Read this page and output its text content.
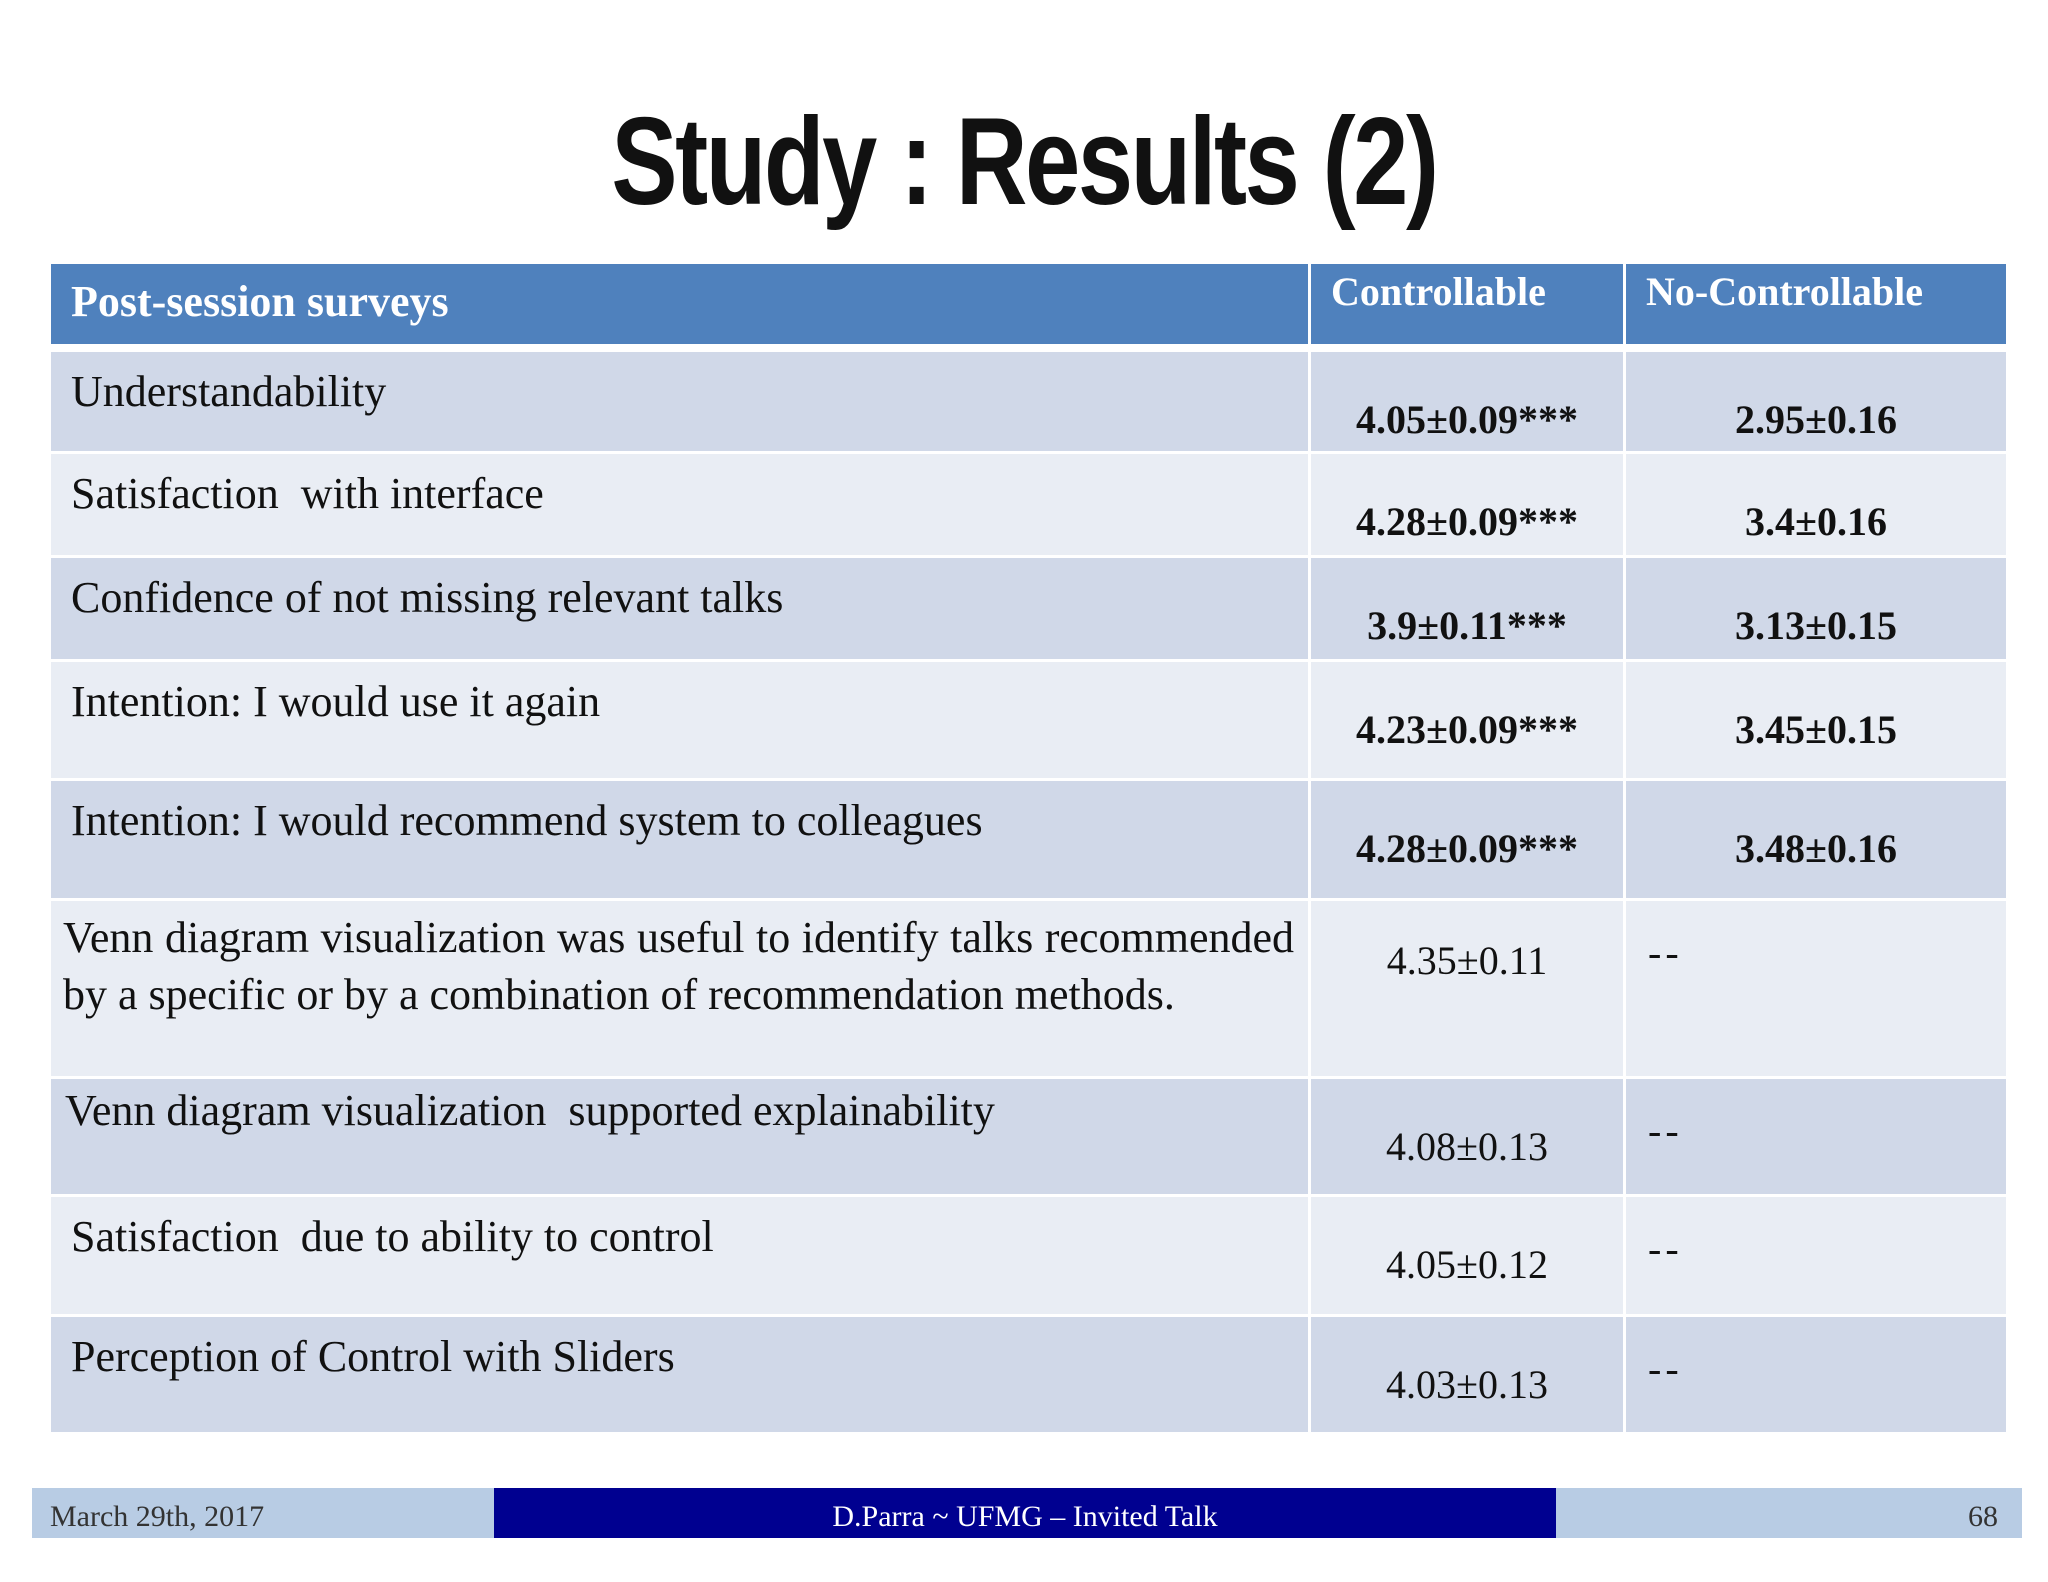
Study : Results (2)
Post-session surveys	Controllable	No-Controllable

Understandability	4.05±0.09***	2.95±0.16

Satisfaction  with interface	4.28±0.09***	3.4±0.16

Confidence of not missing relevant talks	3.9±0.11***	3.13±0.15

Intention: I would use it again	4.23±0.09***	3.45±0.15

Intention: I would recommend system to colleagues	4.28±0.09***	3.48±0.16

Venn diagram visualization was useful to identify talks recommended by a specific or by a combination of recommendation methods.	4.35±0.11	--

Venn diagram visualization  supported explainability	4.08±0.13	--

Satisfaction  due to ability to control	4.05±0.12	--

Perception of Control with Sliders	4.03±0.13	--
March 29th, 2017	D.Parra ~ UFMG – Invited Talk	68
